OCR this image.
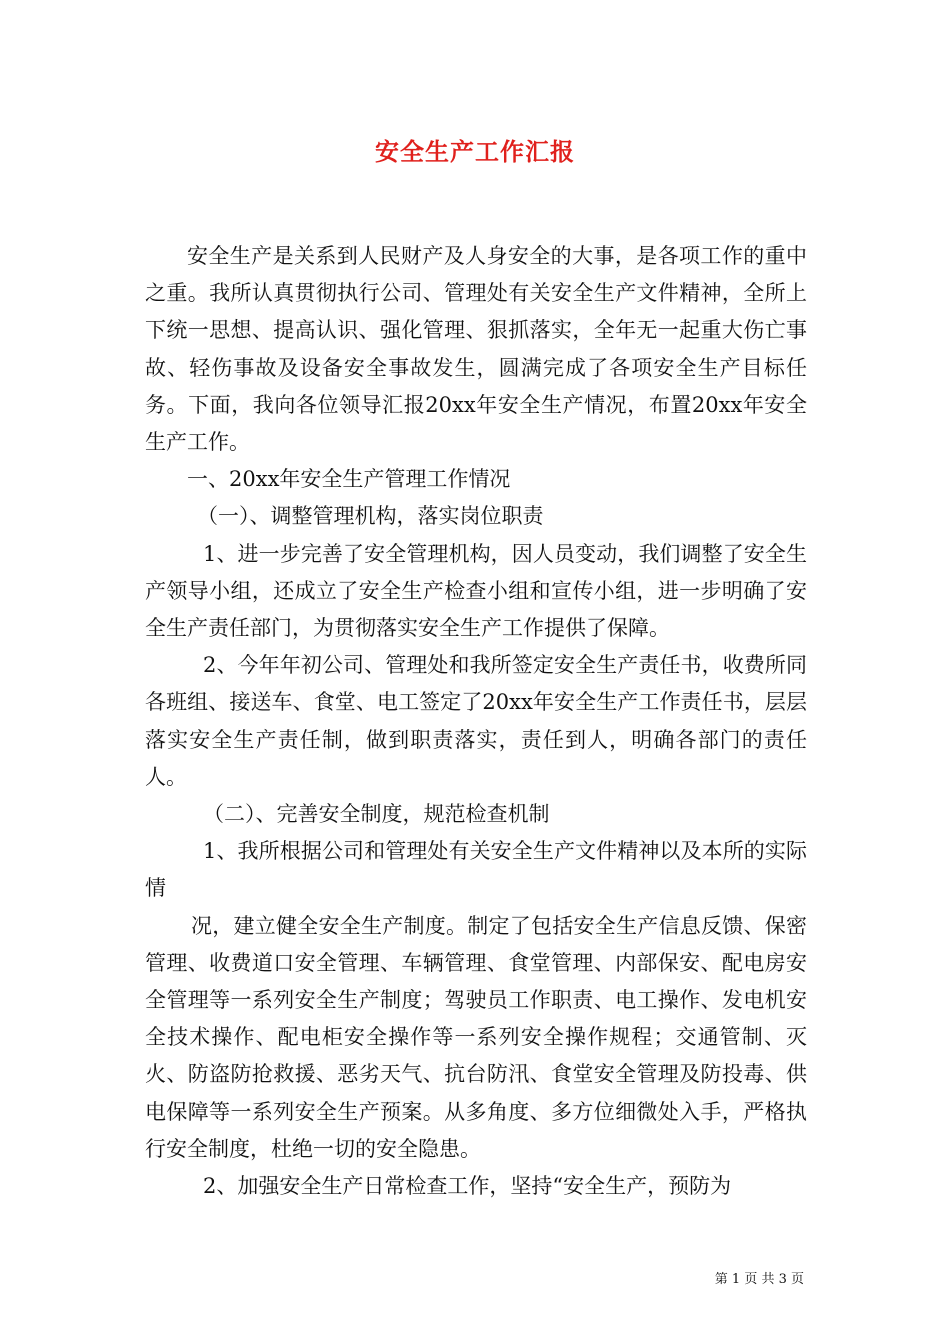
安全生产工作汇报

安全生产是关系到人民财产及人身安全的大事，是各项工作的重中之重。我所认真贯彻执行公司、管理处有关安全生产文件精神，全所上下统一思想、提高认识、强化管理、狠抓落实，全年无一起重大伤亡事故、轻伤事故及设备安全事故发生，圆满完成了各项安全生产目标任务。下面，我向各位领导汇报20xx年安全生产情况，布置20xx年安全生产工作。

一、20xx年安全生产管理工作情况

（一）、调整管理机构，落实岗位职责

1、进一步完善了安全管理机构，因人员变动，我们调整了安全生产领导小组，还成立了安全生产检查小组和宣传小组，进一步明确了安全生产责任部门，为贯彻落实安全生产工作提供了保障。

2、今年年初公司、管理处和我所签定安全生产责任书，收费所同各班组、接送车、食堂、电工签定了20xx年安全生产工作责任书，层层落实安全生产责任制，做到职责落实，责任到人，明确各部门的责任人。

（二）、完善安全制度，规范检查机制

1、我所根据公司和管理处有关安全生产文件精神以及本所的实际情

况，建立健全安全生产制度。制定了包括安全生产信息反馈、保密管理、收费道口安全管理、车辆管理、食堂管理、内部保安、配电房安全管理等一系列安全生产制度；驾驶员工作职责、电工操作、发电机安全技术操作、配电柜安全操作等一系列安全操作规程；交通管制、灭火、防盗防抢救援、恶劣天气、抗台防汛、食堂安全管理及防投毒、供电保障等一系列安全生产预案。从多角度、多方位细微处入手，严格执行安全制度，杜绝一切的安全隐患。

2、加强安全生产日常检查工作，坚持“安全生产，预防为

第 1 页 共 3 页
